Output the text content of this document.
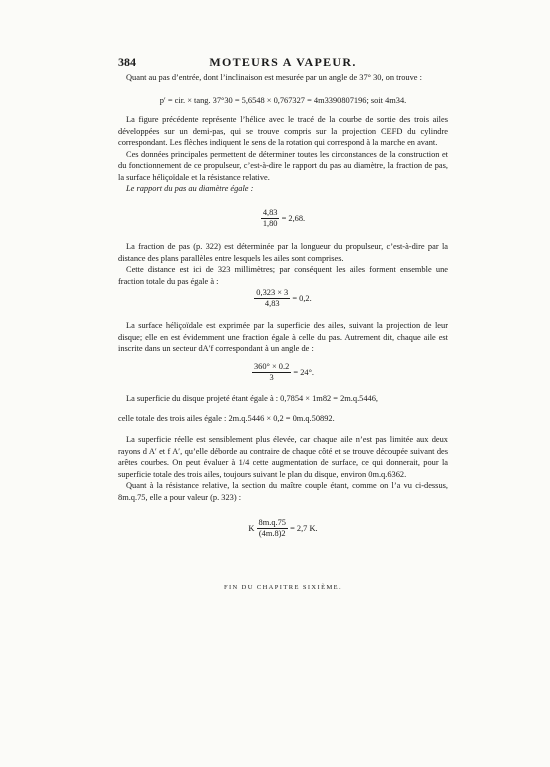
384	MOTEURS A VAPEUR.

Quant au pas d’entrée, dont l’inclinaison est mesurée par un angle de 37° 30, on trouve :

p′ = cir. × tang. 37°30 = 5,6548 × 0,767327 = 4m3390807196; soit 4m34.

La figure précédente représente l’hélice avec le tracé de la courbe de sortie des trois ailes développées sur un demi-pas, qui se trouve compris sur la projection CEFD du cylindre correspondant. Les flèches indiquent le sens de la rotation qui correspond à la marche en avant.

Ces données principales permettent de déterminer toutes les circonstances de la construction et du fonctionnement de ce propulseur, c’est-à-dire le rapport du pas au diamètre, la fraction de pas, la surface héliçoïdale et la résistance relative.

Le rapport du pas au diamètre égale :

$\frac{4,83}{1,80} = 2,68$.

La fraction de pas (p. 322) est déterminée par la longueur du propulseur, c’est-à-dire par la distance des plans parallèles entre lesquels les ailes sont comprises.

Cette distance est ici de 323 millimètres; par conséquent les ailes forment ensemble une fraction totale du pas égale à :

$\frac{0,323 \times 3}{4,83} = 0,2$.

La surface héliçoïdale est exprimée par la superficie des ailes, suivant la projection de leur disque; elle en est évidemment une fraction égale à celle du pas. Autrement dit, chaque aile est inscrite dans un secteur dA′f correspondant à un angle de :

$\frac{360^\circ \times 0.2}{3} = 24^\circ$.

La superficie du disque projeté étant égale à : 0,7854 × 1m82 = 2m.q.5446,

celle totale des trois ailes égale : 2m.q.5446 × 0,2 = 0m.q.50892.

La superficie réelle est sensiblement plus élevée, car chaque aile n’est pas limitée aux deux rayons d A′ et f A′, qu’elle déborde au contraire de chaque côté et se trouve découpée suivant des arêtes courbes. On peut évaluer à 1/4 cette augmentation de surface, ce qui donnerait, pour la superficie totale des trois ailes, toujours suivant le plan du disque, environ 0m.q.6362.

Quant à la résistance relative, la section du maître couple étant, comme on l’a vu ci-dessus, 8m.q.75, elle a pour valeur (p. 323) :

K $\frac{8m.q.75}{(4m.8)2} = 2,7$ K.
FIN DU CHAPITRE SIXIÈME.
